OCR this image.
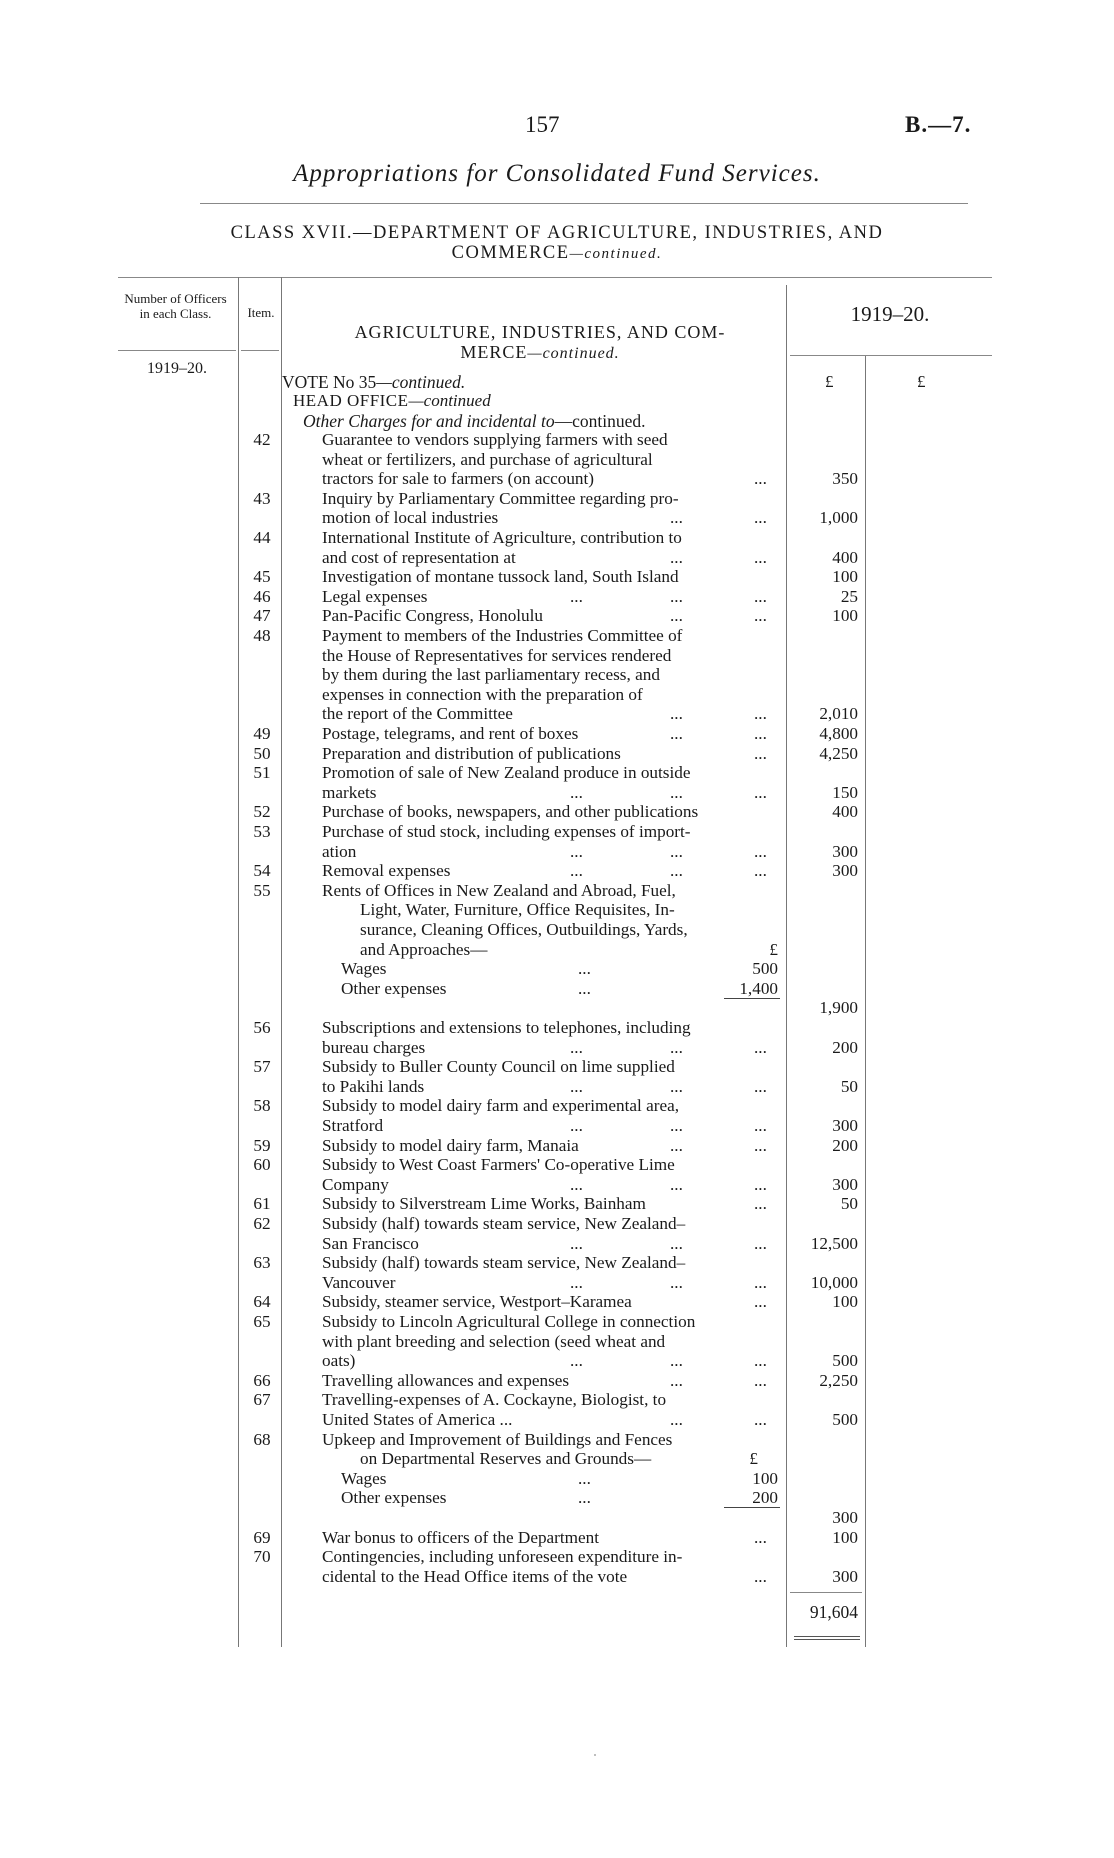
157	B.—7.
Appropriations for Consolidated Fund Services.
CLASS XVII.—DEPARTMENT OF AGRICULTURE, INDUSTRIES, AND
COMMERCE—continued.
Number of Officers in each Class.	Item.
1919–20.
AGRICULTURE, INDUSTRIES, AND COM-
MERCE—continued.
1919–20.
£	£
VOTE No 35—continued.
HEAD OFFICE—continued
Other Charges for and incidental to—continued.
42	Guarantee to vendors supplying farmers with seed
wheat or fertilizers, and purchase of agricultural
tractors for sale to farmers (on account)	...	350
43	Inquiry by Parliamentary Committee regarding pro-
motion of local industries	...	...	1,000
44	International Institute of Agriculture, contribution to
and cost of representation at	...	...	400
45	Investigation of montane tussock land, South Island	100
46	Legal expenses	...	...	...	25
47	Pan-Pacific Congress, Honolulu	...	...	100
48	Payment to members of the Industries Committee of
the House of Representatives for services rendered
by them during the last parliamentary recess, and
expenses in connection with the preparation of
the report of the Committee	...	...	2,010
49	Postage, telegrams, and rent of boxes	...	...	4,800
50	Preparation and distribution of publications	...	4,250
51	Promotion of sale of New Zealand produce in outside
markets	...	...	...	150
52	Purchase of books, newspapers, and other publications	400
53	Purchase of stud stock, including expenses of import-
ation	...	...	...	300
54	Removal expenses	...	...	...	300
55	Rents of Offices in New Zealand and Abroad, Fuel,
Light, Water, Furniture, Office Requisites, In-
surance, Cleaning Offices, Outbuildings, Yards,
and Approaches—	£
Wages	...	500
Other expenses	...	1,400
1,900
56	Subscriptions and extensions to telephones, including
bureau charges	...	...	...	200
57	Subsidy to Buller County Council on lime supplied
to Pakihi lands	...	...	...	50
58	Subsidy to model dairy farm and experimental area,
Stratford	...	...	...	300
59	Subsidy to model dairy farm, Manaia	...	...	200
60	Subsidy to West Coast Farmers' Co-operative Lime
Company	...	...	...	300
61	Subsidy to Silverstream Lime Works, Bainham	...	50
62	Subsidy (half) towards steam service, New Zealand–
San Francisco	...	...	...	12,500
63	Subsidy (half) towards steam service, New Zealand–
Vancouver	...	...	...	10,000
64	Subsidy, steamer service, Westport–Karamea	...	100
65	Subsidy to Lincoln Agricultural College in connection
with plant breeding and selection (seed wheat and
oats)	...	...	...	500
66	Travelling allowances and expenses	...	...	2,250
67	Travelling-expenses of A. Cockayne, Biologist, to
United States of America ...	...	...	500
68	Upkeep and Improvement of Buildings and Fences
on Departmental Reserves and Grounds—	£
Wages	...	100
Other expenses	...	200
300
69	War bonus to officers of the Department	...	100
70	Contingencies, including unforeseen expenditure in-
cidental to the Head Office items of the vote	...	300
91,604
